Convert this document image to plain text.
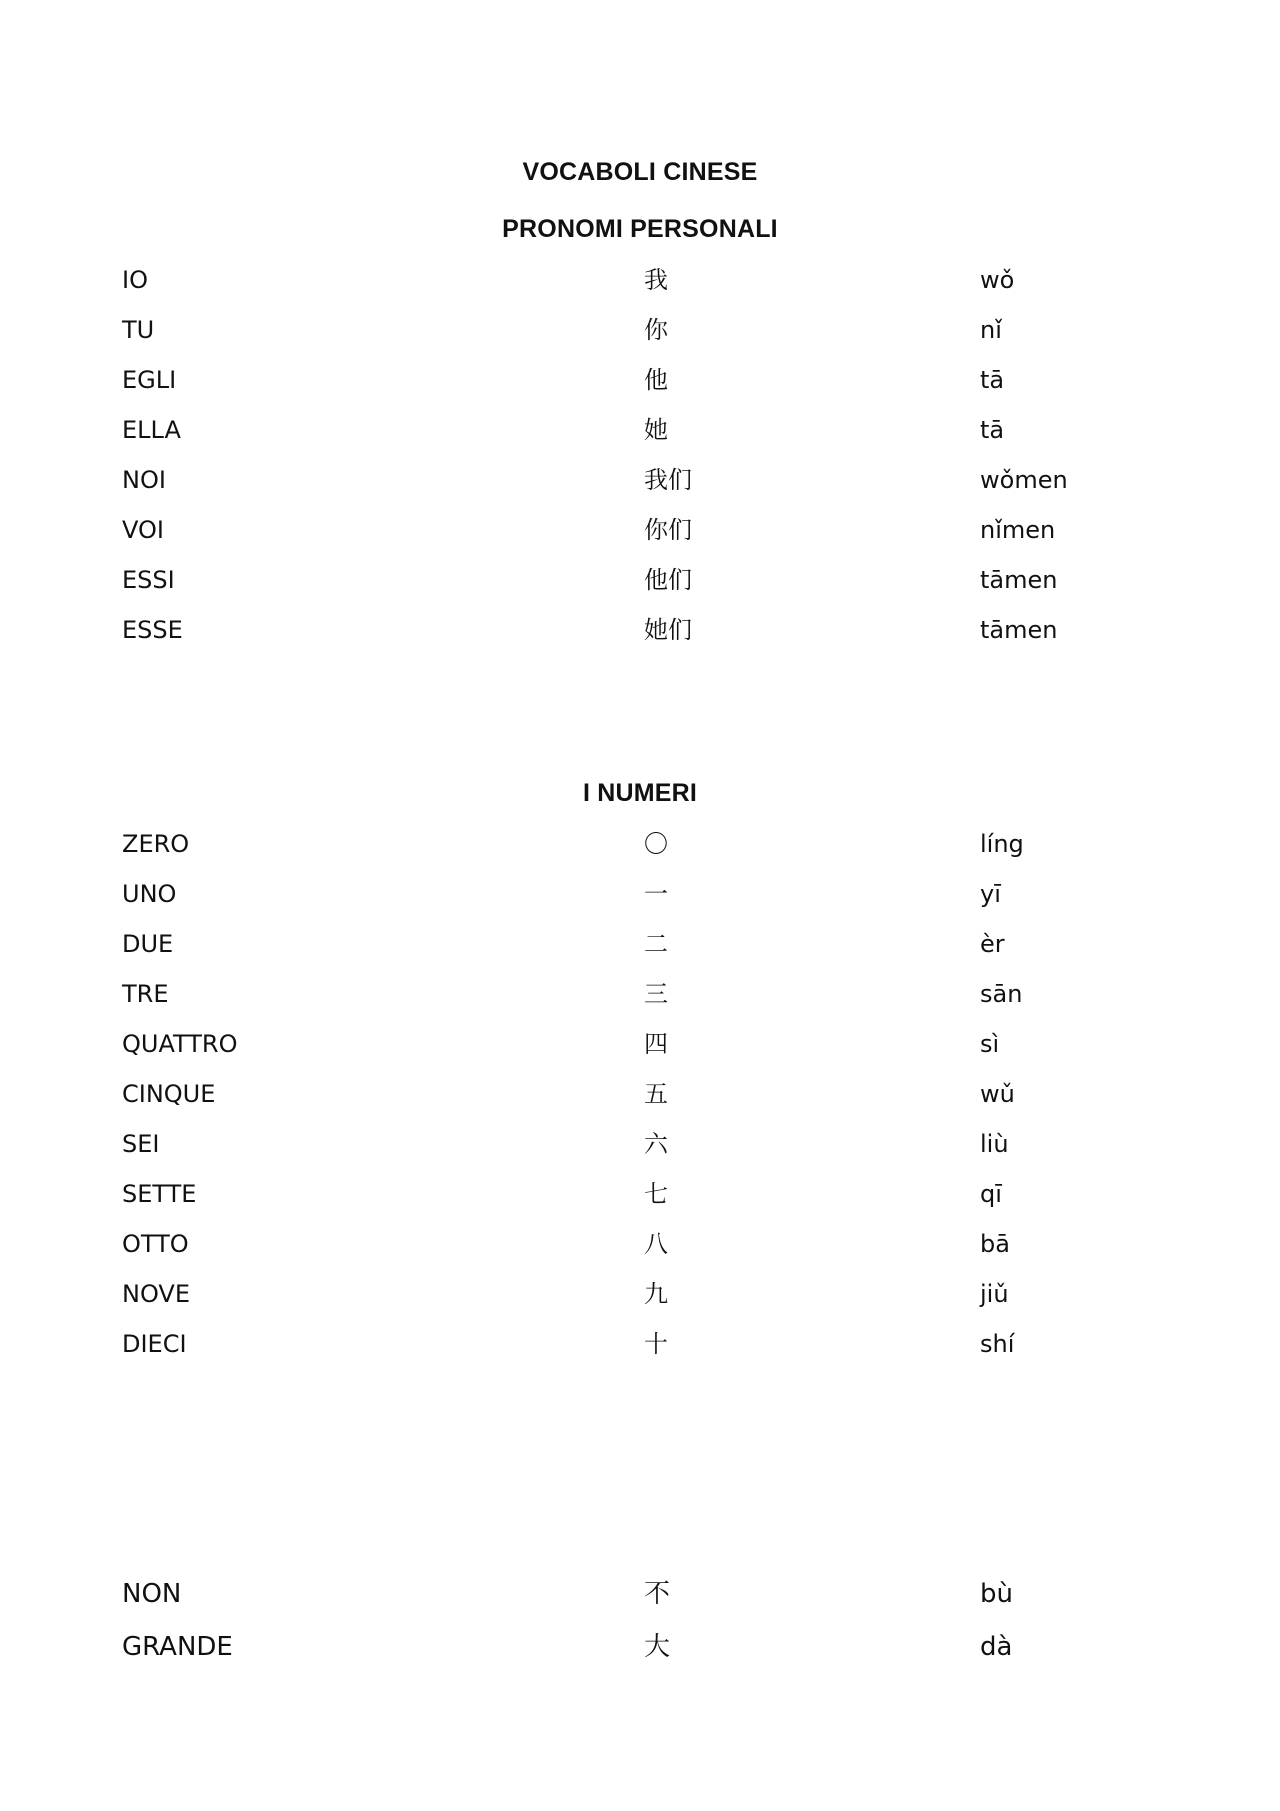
VOCABOLI CINESE
PRONOMI PERSONALI
IO	我	wǒ
TU	你	nǐ
EGLI	他	tā
ELLA	她	tā
NOI	我们	wǒmen
VOI	你们	nǐmen
ESSI	他们	tāmen
ESSE	她们	tāmen
I NUMERI
ZERO	〇	líng
UNO	一	yī
DUE	二	èr
TRE	三	sān
QUATTRO	四	sì
CINQUE	五	wǔ
SEI	六	liù
SETTE	七	qī
OTTO	八	bā
NOVE	九	jiǔ
DIECI	十	shí
NON	不	bù
GRANDE	大	dà
